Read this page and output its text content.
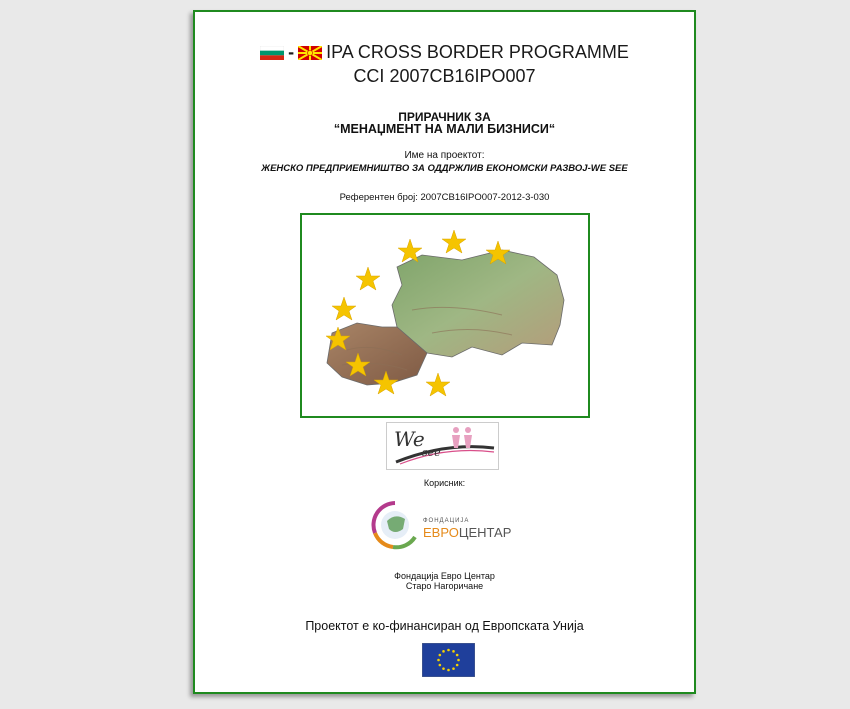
- IPA CROSS BORDER PROGRAMME
CCI 2007CB16IPO007
ПРИРАЧНИК ЗА
“МЕНАЏМЕНТ НА МАЛИ БИЗНИСИ“
Име на проектот:
ЖЕНСКО ПРЕДПРИЕМНИШТВО ЗА ОДДРЖЛИВ ЕКОНОМСКИ РАЗВОЈ-WE SEE
Референтен број: 2007CB16IPO007-2012-3-030
We
see
Корисник:
ФОНДАЦИЈА
ЕВРОЦЕНТАР
Фондација Евро Центар
Старо Нагоричане
Проектот е ко-финансиран од Европската Унија
